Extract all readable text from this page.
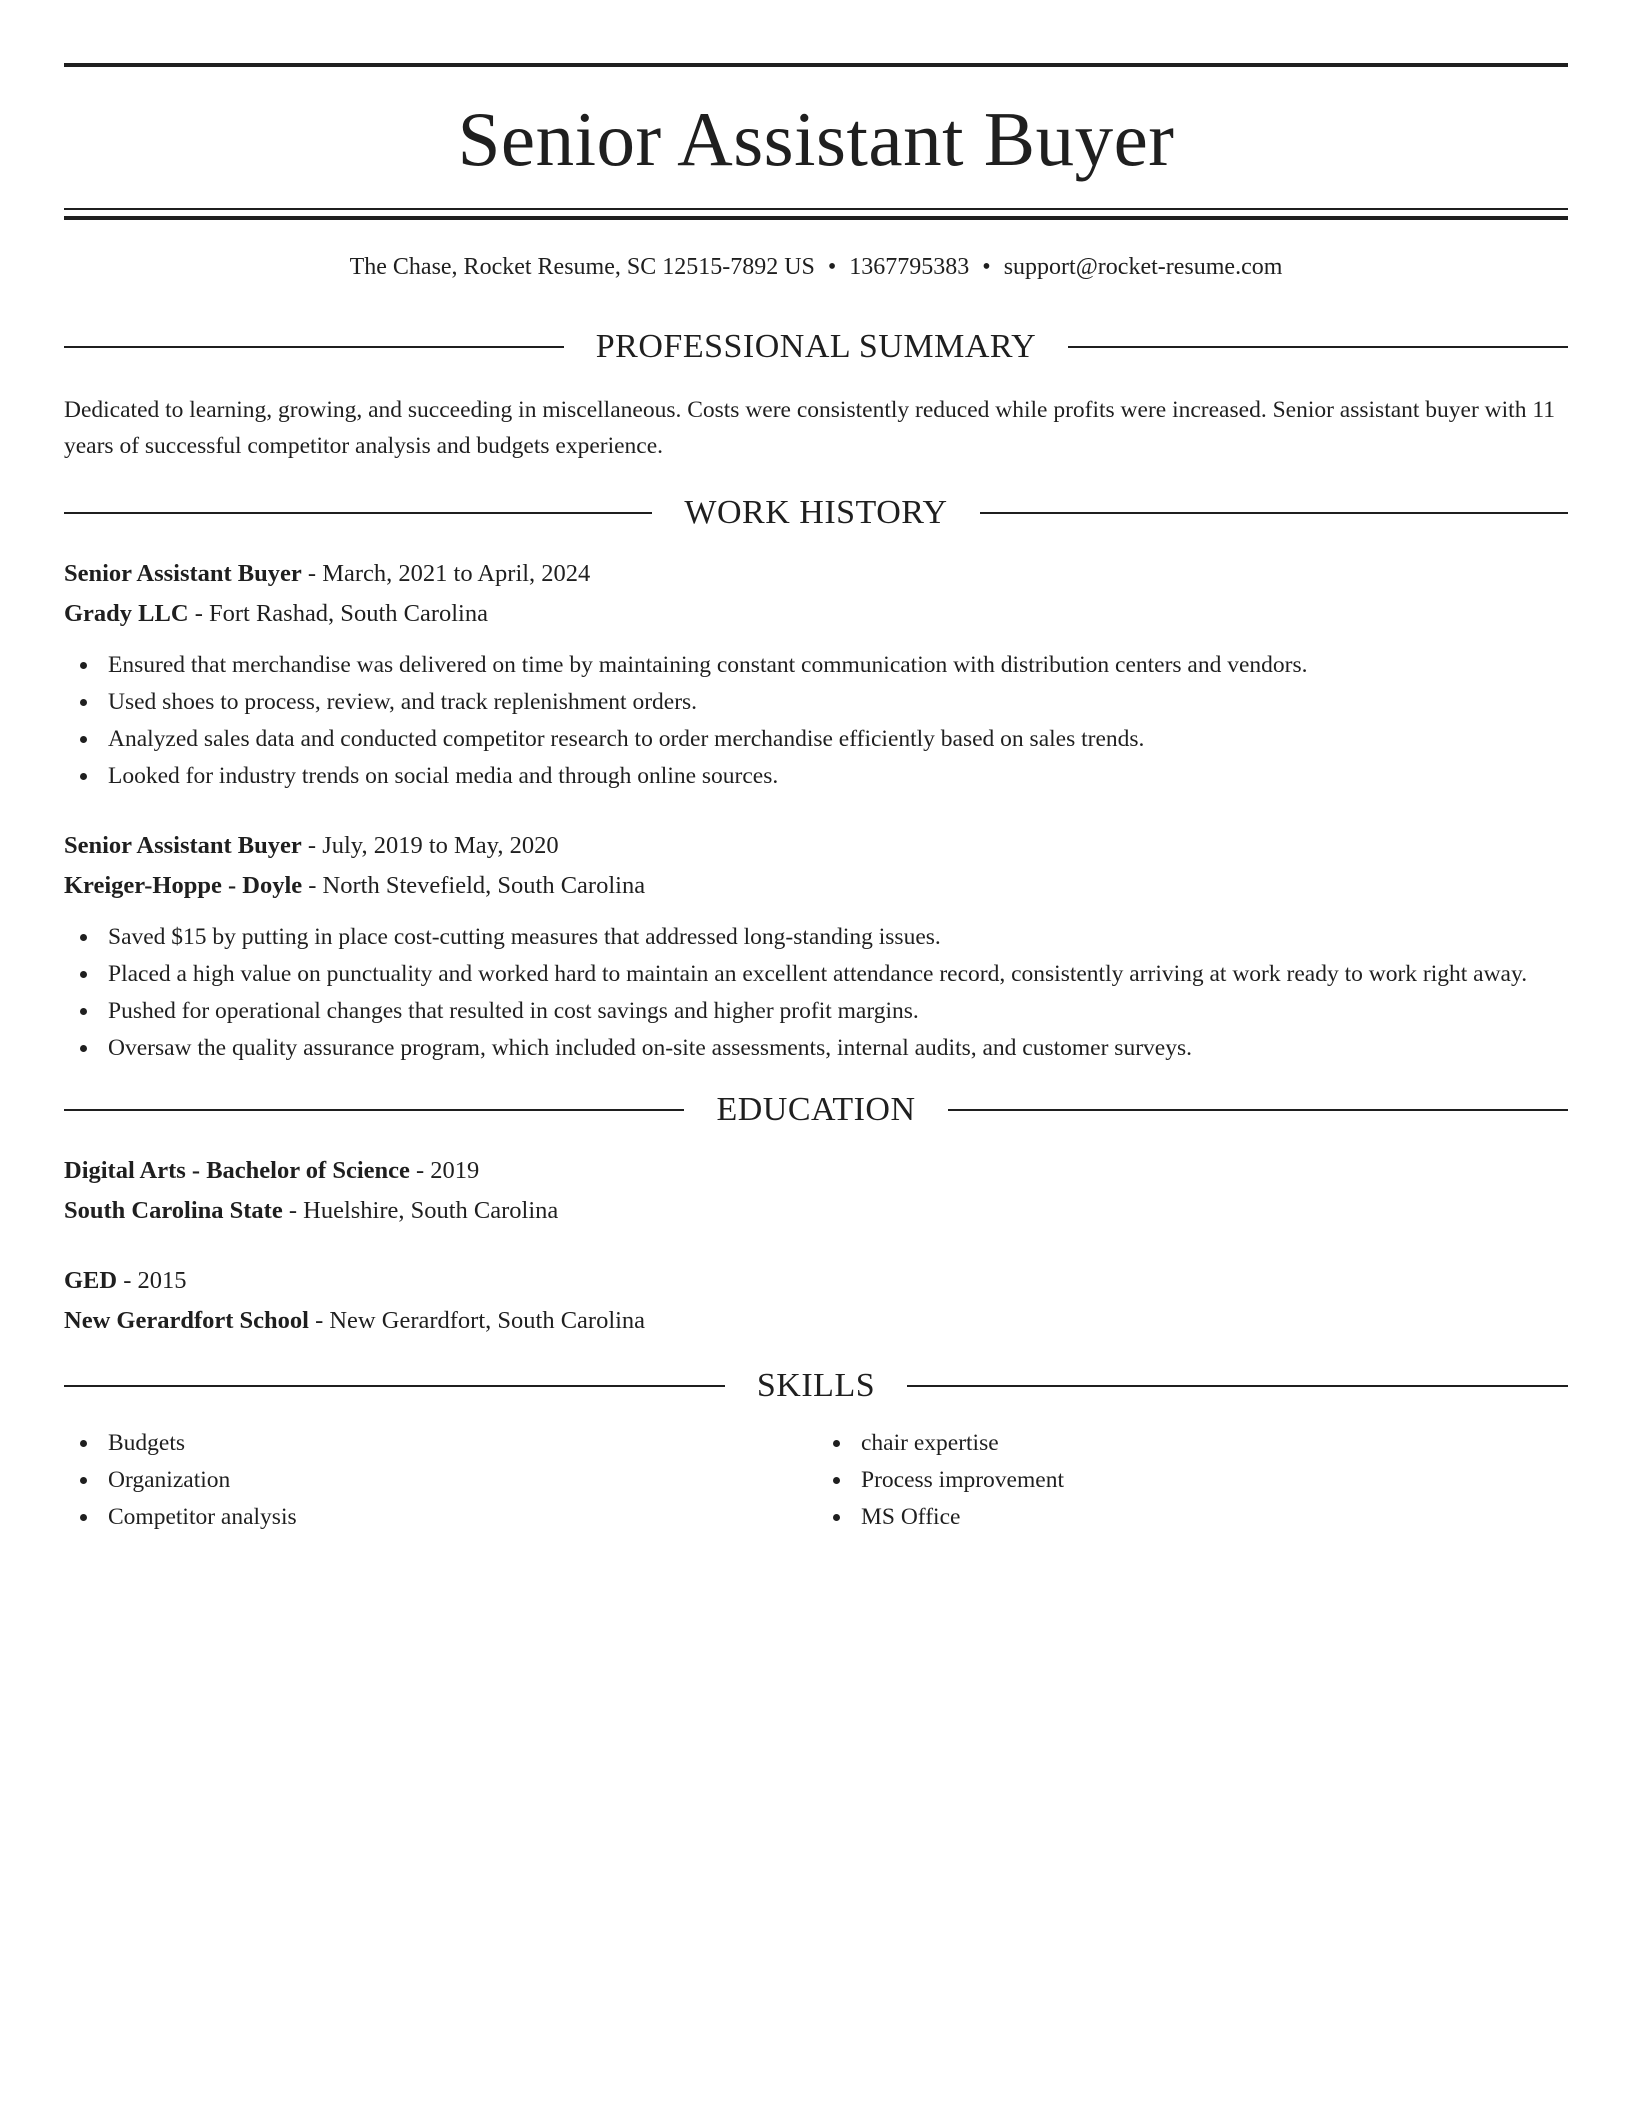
Senior Assistant Buyer
The Chase, Rocket Resume, SC 12515-7892 US • 1367795383 • support@rocket-resume.com
PROFESSIONAL SUMMARY

Dedicated to learning, growing, and succeeding in miscellaneous. Costs were consistently reduced while profits were increased. Senior assistant buyer with 11 years of successful competitor analysis and budgets experience.

WORK HISTORY
Senior Assistant Buyer - March, 2021 to April, 2024
Grady LLC - Fort Rashad, South Carolina
Ensured that merchandise was delivered on time by maintaining constant communication with distribution centers and vendors.
Used shoes to process, review, and track replenishment orders.
Analyzed sales data and conducted competitor research to order merchandise efficiently based on sales trends.
Looked for industry trends on social media and through online sources.
Senior Assistant Buyer - July, 2019 to May, 2020
Kreiger-Hoppe - Doyle - North Stevefield, South Carolina
Saved $15 by putting in place cost-cutting measures that addressed long-standing issues.
Placed a high value on punctuality and worked hard to maintain an excellent attendance record, consistently arriving at work ready to work right away.
Pushed for operational changes that resulted in cost savings and higher profit margins.
Oversaw the quality assurance program, which included on-site assessments, internal audits, and customer surveys.
EDUCATION
Digital Arts - Bachelor of Science - 2019
South Carolina State - Huelshire, South Carolina
GED - 2015
New Gerardfort School - New Gerardfort, South Carolina
SKILLS
Budgets
Organization
Competitor analysis
chair expertise
Process improvement
MS Office
